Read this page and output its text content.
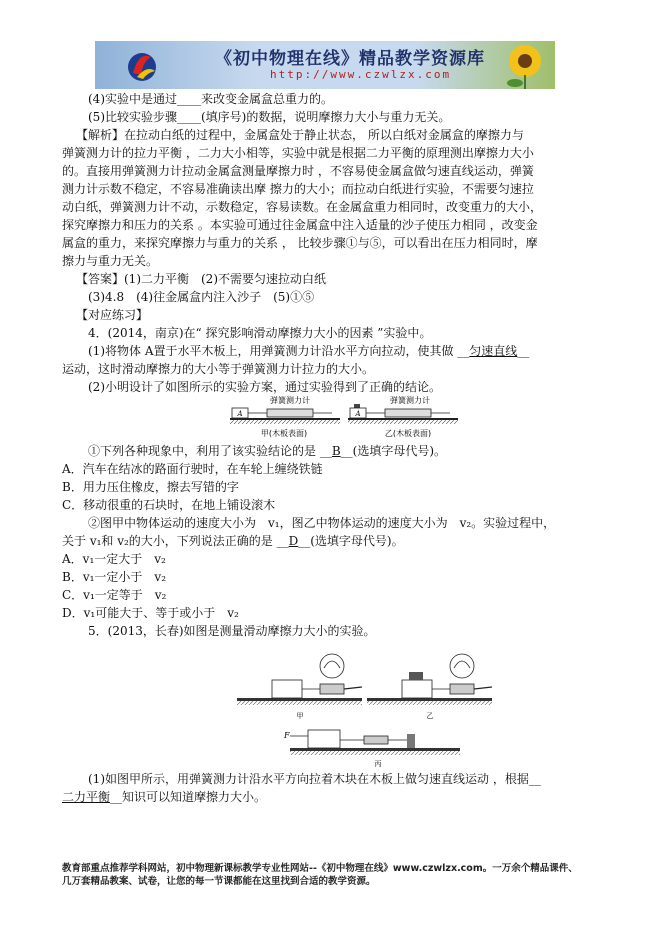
《初中物理在线》精品教学资源库
http://www.czwlzx.com

(4)实验中是通过____来改变金属盒总重力的。

(5)比较实验步骤____(填序号)的数据，说明摩擦力大小与重力无关。

【解析】在拉动白纸的过程中，金属盒处于静止状态， 所以白纸对金属盒的摩擦力与

弹簧测力计的拉力平衡 ，二力大小相等，实验中就是根据二力平衡的原理测出摩擦力大小

的。直接用弹簧测力计拉动金属盒测量摩擦力时 ，不容易使金属盒做匀速直线运动，弹簧

测力计示数不稳定，不容易准确读出摩 擦力的大小；而拉动白纸进行实验，不需要匀速拉

动白纸，弹簧测力计不动，示数稳定，容易读数。在金属盒重力相同时，改变重力的大小，

探究摩擦力和压力的关系 。本实验可通过往金属盒中注入适量的沙子使压力相同 ，改变金

属盒的重力，来探究摩擦力与重力的关系 ， 比较步骤①与⑤，可以看出在压力相同时，摩

擦力与重力无关。

【答案】(1)二力平衡　(2)不需要匀速拉动白纸

(3)4.8　(4)往金属盒内注入沙子　(5)①⑤

【对应练习】

4．(2014，南京)在“ 探究影响滑动摩擦力大小的因素 ”实验中。

(1)将物体 A置于水平木板上，用弹簧测力计沿水平方向拉动，使其做 __匀速直线__

运动，这时滑动摩擦力的大小等于弹簧测力计拉力的大小。

(2)小明设计了如图所示的实验方案，通过实验得到了正确的结论。

弹簧测力计
A
甲(木板表面)
弹簧测力计
A
乙(木板表面)

①下列各种现象中，利用了该实验结论的是 __B__(选填字母代号)。

A．汽车在结冰的路面行驶时，在车轮上缠绕铁链

B．用力压住橡皮，擦去写错的字

C．移动很重的石块时，在地上铺设滚木

②图甲中物体运动的速度大小为　v₁，图乙中物体运动的速度大小为　v₂。实验过程中，

关于 v₁和 v₂的大小，下列说法正确的是 __D__(选填字母代号)。

A．v₁一定大于　v₂

B．v₁一定小于　v₂

C．v₁一定等于　v₂

D．v₁可能大于、等于或小于　v₂

5．(2013，长春)如图是测量滑动摩擦力大小的实验。

甲	乙
F
丙

(1)如图甲所示，用弹簧测力计沿水平方向拉着木块在木板上做匀速直线运动 ，根据__

二力平衡__知识可以知道摩擦力大小。

教育部重点推荐学科网站，初中物理新课标教学专业性网站--《初中物理在线》www.czwlzx.com。一万余个精品课件、
几万套精品教案、试卷，让您的每一节课都能在这里找到合适的教学资源。
